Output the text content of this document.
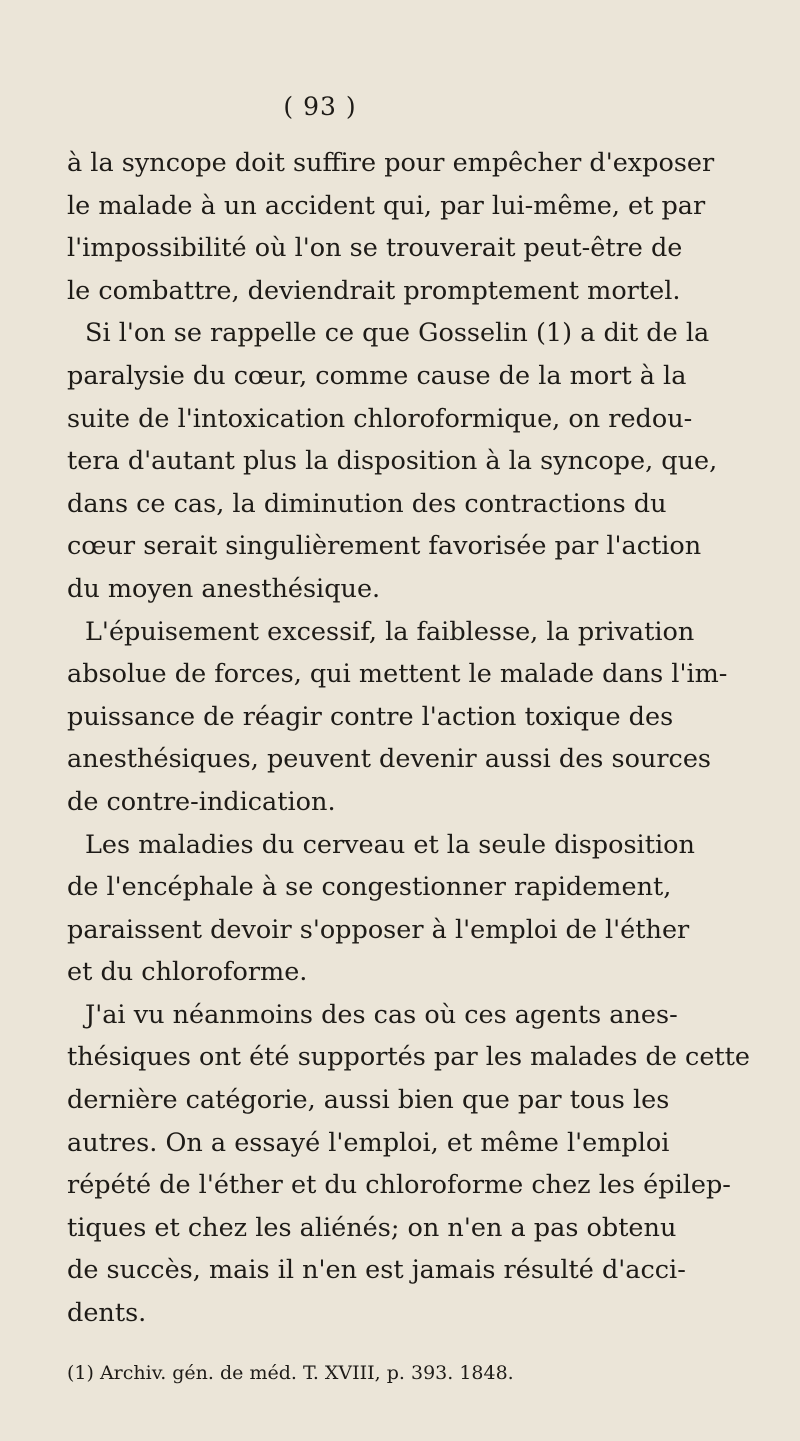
( 93 )
à la syncope doit suffire pour empêcher d'exposer
le malade à un accident qui, par lui-même, et par
l'impossibilité où l'on se trouverait peut-être de
le combattre, deviendrait promptement mortel.
Si l'on se rappelle ce que Gosselin (1) a dit de la
paralysie du cœur, comme cause de la mort à la
suite de l'intoxication chloroformique, on redou-
tera d'autant plus la disposition à la syncope, que,
dans ce cas, la diminution des contractions du
cœur serait singulièrement favorisée par l'action
du moyen anesthésique.
L'épuisement excessif, la faiblesse, la privation
absolue de forces, qui mettent le malade dans l'im-
puissance de réagir contre l'action toxique des
anesthésiques, peuvent devenir aussi des sources
de contre-indication.
Les maladies du cerveau et la seule disposition
de l'encéphale à se congestionner rapidement,
paraissent devoir s'opposer à l'emploi de l'éther
et du chloroforme.
J'ai vu néanmoins des cas où ces agents anes-
thésiques ont été supportés par les malades de cette
dernière catégorie, aussi bien que par tous les
autres. On a essayé l'emploi, et même l'emploi
répété de l'éther et du chloroforme chez les épilep-
tiques et chez les aliénés; on n'en a pas obtenu
de succès, mais il n'en est jamais résulté d'acci-
dents.
(1) Archiv. gén. de méd. T. XVIII, p. 393. 1848.
